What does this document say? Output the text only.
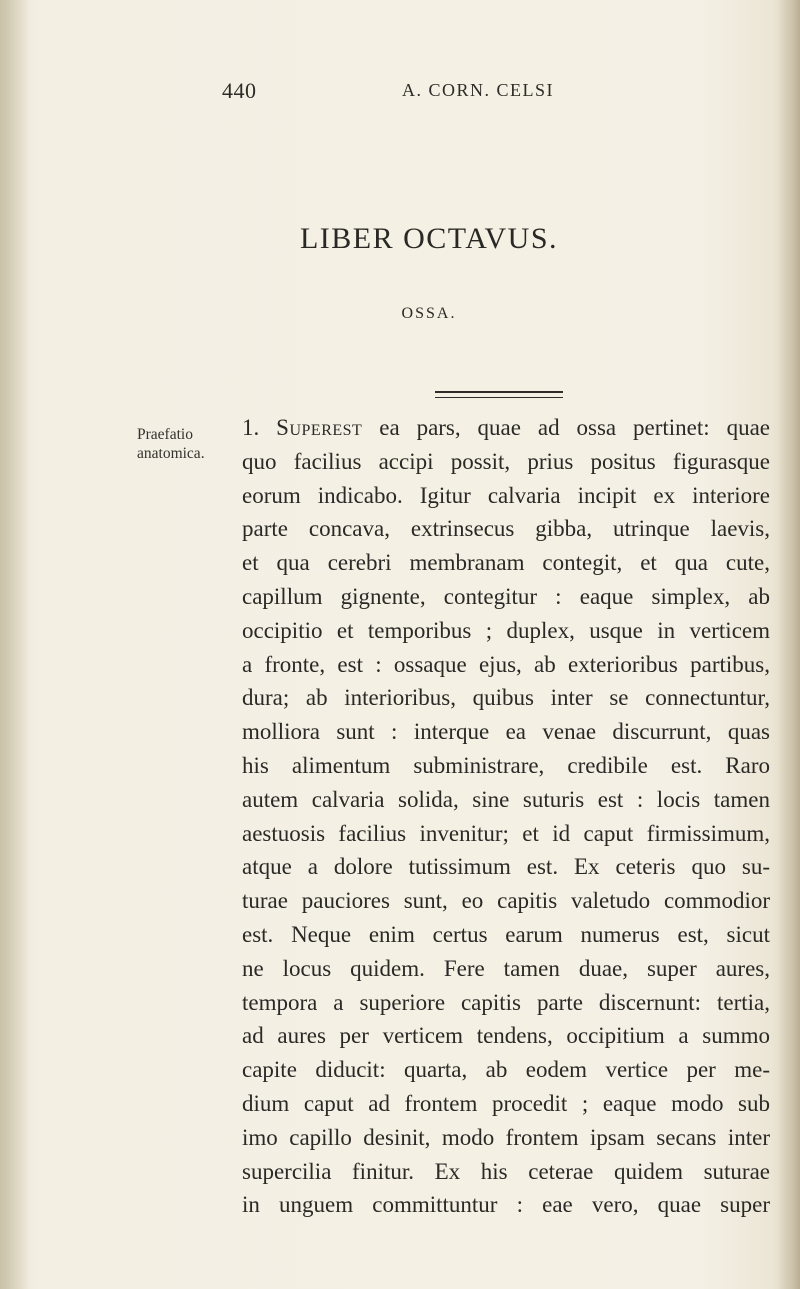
440	A. CORN. CELSI
LIBER OCTAVUS.
OSSA.
Praefatio
anatomica.
1. Superest ea pars, quae ad ossa pertinet: quae
quo facilius accipi possit, prius positus figurasque
eorum indicabo. Igitur calvaria incipit ex interiore
parte concava, extrinsecus gibba, utrinque laevis,
et qua cerebri membranam contegit, et qua cute,
capillum gignente, contegitur : eaque simplex, ab
occipitio et temporibus ; duplex, usque in verticem
a fronte, est : ossaque ejus, ab exterioribus partibus,
dura; ab interioribus, quibus inter se connectuntur,
molliora sunt : interque ea venae discurrunt, quas
his alimentum subministrare, credibile est. Raro
autem calvaria solida, sine suturis est : locis tamen
aestuosis facilius invenitur; et id caput firmissimum,
atque a dolore tutissimum est. Ex ceteris quo su-
turae pauciores sunt, eo capitis valetudo commodior
est. Neque enim certus earum numerus est, sicut
ne locus quidem. Fere tamen duae, super aures,
tempora a superiore capitis parte discernunt: tertia,
ad aures per verticem tendens, occipitium a summo
capite diducit: quarta, ab eodem vertice per me-
dium caput ad frontem procedit ; eaque modo sub
imo capillo desinit, modo frontem ipsam secans inter
supercilia finitur. Ex his ceterae quidem suturae
in unguem committuntur : eae vero, quae super
